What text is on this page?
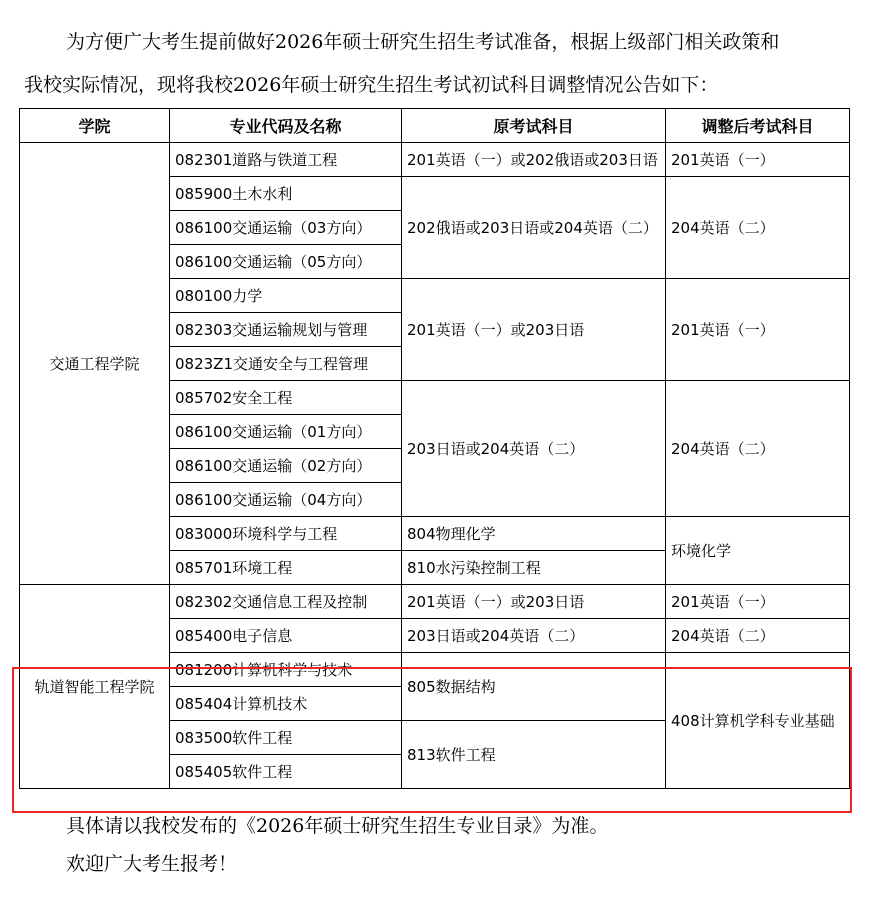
为方便广大考生提前做好2026年硕士研究生招生考试准备，根据上级部门相关政策和
我校实际情况，现将我校2026年硕士研究生招生考试初试科目调整情况公告如下：
学院	专业代码及名称	原考试科目	调整后考试科目
交通工程学院	082301道路与铁道工程	201英语（一）或202俄语或203日语	201英语（一）
	085900土木水利	202俄语或203日语或204英语（二）	204英语（二）
	086100交通运输（03方向）		
	086100交通运输（05方向）		
	080100力学	201英语（一）或203日语	201英语（一）
	082303交通运输规划与管理		
	0823Z1交通安全与工程管理		
	085702安全工程	203日语或204英语（二）	204英语（二）
	086100交通运输（01方向）		
	086100交通运输（02方向）		
	086100交通运输（04方向）		
	083000环境科学与工程	804物理化学	环境化学
	085701环境工程	810水污染控制工程	
轨道智能工程学院	082302交通信息工程及控制	201英语（一）或203日语	201英语（一）
	085400电子信息	203日语或204英语（二）	204英语（二）
	081200计算机科学与技术	805数据结构	408计算机学科专业基础
	085404计算机技术		
	083500软件工程	813软件工程	
	085405软件工程		
具体请以我校发布的《2026年硕士研究生招生专业目录》为准。
欢迎广大考生报考！
